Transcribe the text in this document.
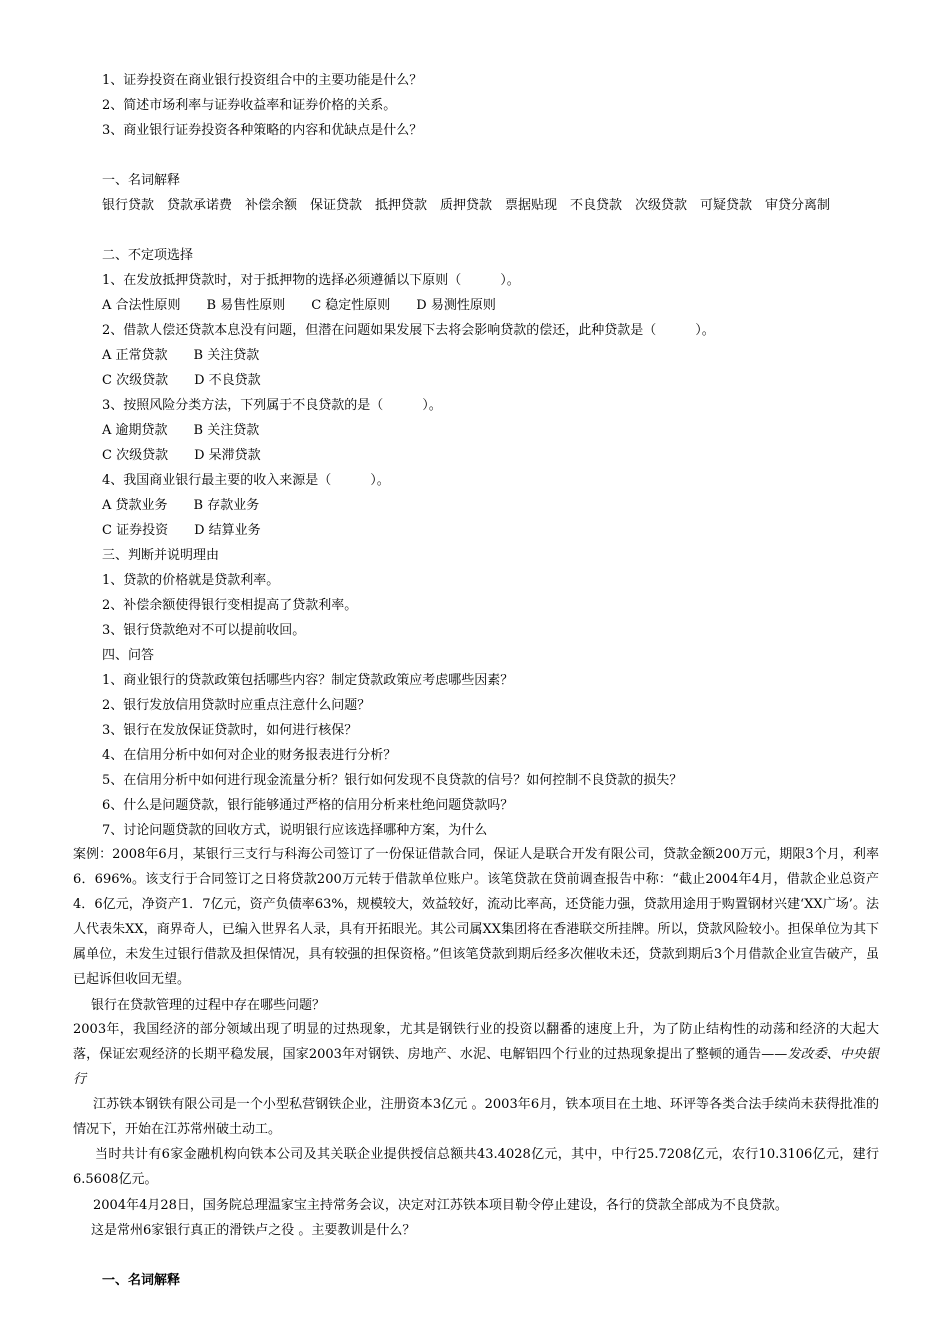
1、证券投资在商业银行投资组合中的主要功能是什么？
2、简述市场利率与证券收益率和证券价格的关系。
3、商业银行证券投资各种策略的内容和优缺点是什么？
一、名词解释
银行贷款　贷款承诺费　补偿余额　保证贷款　抵押贷款　质押贷款　票据贴现　不良贷款　次级贷款　可疑贷款　审贷分离制
二、不定项选择
1、在发放抵押贷款时，对于抵押物的选择必须遵循以下原则（　　　）。
A 合法性原则　　B 易售性原则　　C 稳定性原则　　D 易测性原则
2、借款人偿还贷款本息没有问题，但潜在问题如果发展下去将会影响贷款的偿还，此种贷款是（　　　）。
A 正常贷款　　B 关注贷款
C 次级贷款　　D 不良贷款
3、按照风险分类方法，下列属于不良贷款的是（　　　）。
A 逾期贷款　　B 关注贷款
C 次级贷款　　D 呆滞贷款
4、我国商业银行最主要的收入来源是（　　　）。
A 贷款业务　　B 存款业务
C 证券投资　　D 结算业务
三、判断并说明理由
1、贷款的价格就是贷款利率。
2、补偿余额使得银行变相提高了贷款利率。
3、银行贷款绝对不可以提前收回。
四、问答
1、商业银行的贷款政策包括哪些内容？制定贷款政策应考虑哪些因素？
2、银行发放信用贷款时应重点注意什么问题？
3、银行在发放保证贷款时，如何进行核保？
4、在信用分析中如何对企业的财务报表进行分析？
5、在信用分析中如何进行现金流量分析？银行如何发现不良贷款的信号？如何控制不良贷款的损失？
6、什么是问题贷款，银行能够通过严格的信用分析来杜绝问题贷款吗？
7、讨论问题贷款的回收方式，说明银行应该选择哪种方案，为什么
案例：2008年6月，某银行三支行与科海公司签订了一份保证借款合同，保证人是联合开发有限公司，贷款金额200万元，期限3个月，利率6．696%。该支行于合同签订之日将贷款200万元转于借款单位账户。该笔贷款在贷前调查报告中称：“截止2004年4月，借款企业总资产4．6亿元，净资产1．7亿元，资产负债率63%，规模较大，效益较好，流动比率高，还贷能力强，贷款用途用于购置钢材兴建‘XX广场’。法人代表朱XX，商界奇人，已编入世界名人录，具有开拓眼光。其公司属XX集团将在香港联交所挂牌。所以，贷款风险较小。担保单位为其下属单位，未发生过银行借款及担保情况，具有较强的担保资格。”但该笔贷款到期后经多次催收未还，贷款到期后3个月借款企业宣告破产，虽已起诉但收回无望。
银行在贷款管理的过程中存在哪些问题？
2003年，我国经济的部分领域出现了明显的过热现象，尤其是钢铁行业的投资以翻番的速度上升，为了防止结构性的动荡和经济的大起大落，保证宏观经济的长期平稳发展，国家2003年对钢铁、房地产、水泥、电解铝四个行业的过热现象提出了整顿的通告——发改委、中央银行
江苏铁本钢铁有限公司是一个小型私营钢铁企业，注册资本3亿元 。2003年6月，铁本项目在土地、环评等各类合法手续尚未获得批准的情况下，开始在江苏常州破土动工。
当时共计有6家金融机构向铁本公司及其关联企业提供授信总额共43.4028亿元，其中，中行25.7208亿元，农行10.3106亿元，建行6.5608亿元。
2004年4月28日，国务院总理温家宝主持常务会议，决定对江苏铁本项目勒令停止建设，各行的贷款全部成为不良贷款。
这是常州6家银行真正的滑铁卢之役 。主要教训是什么？
一、名词解释
